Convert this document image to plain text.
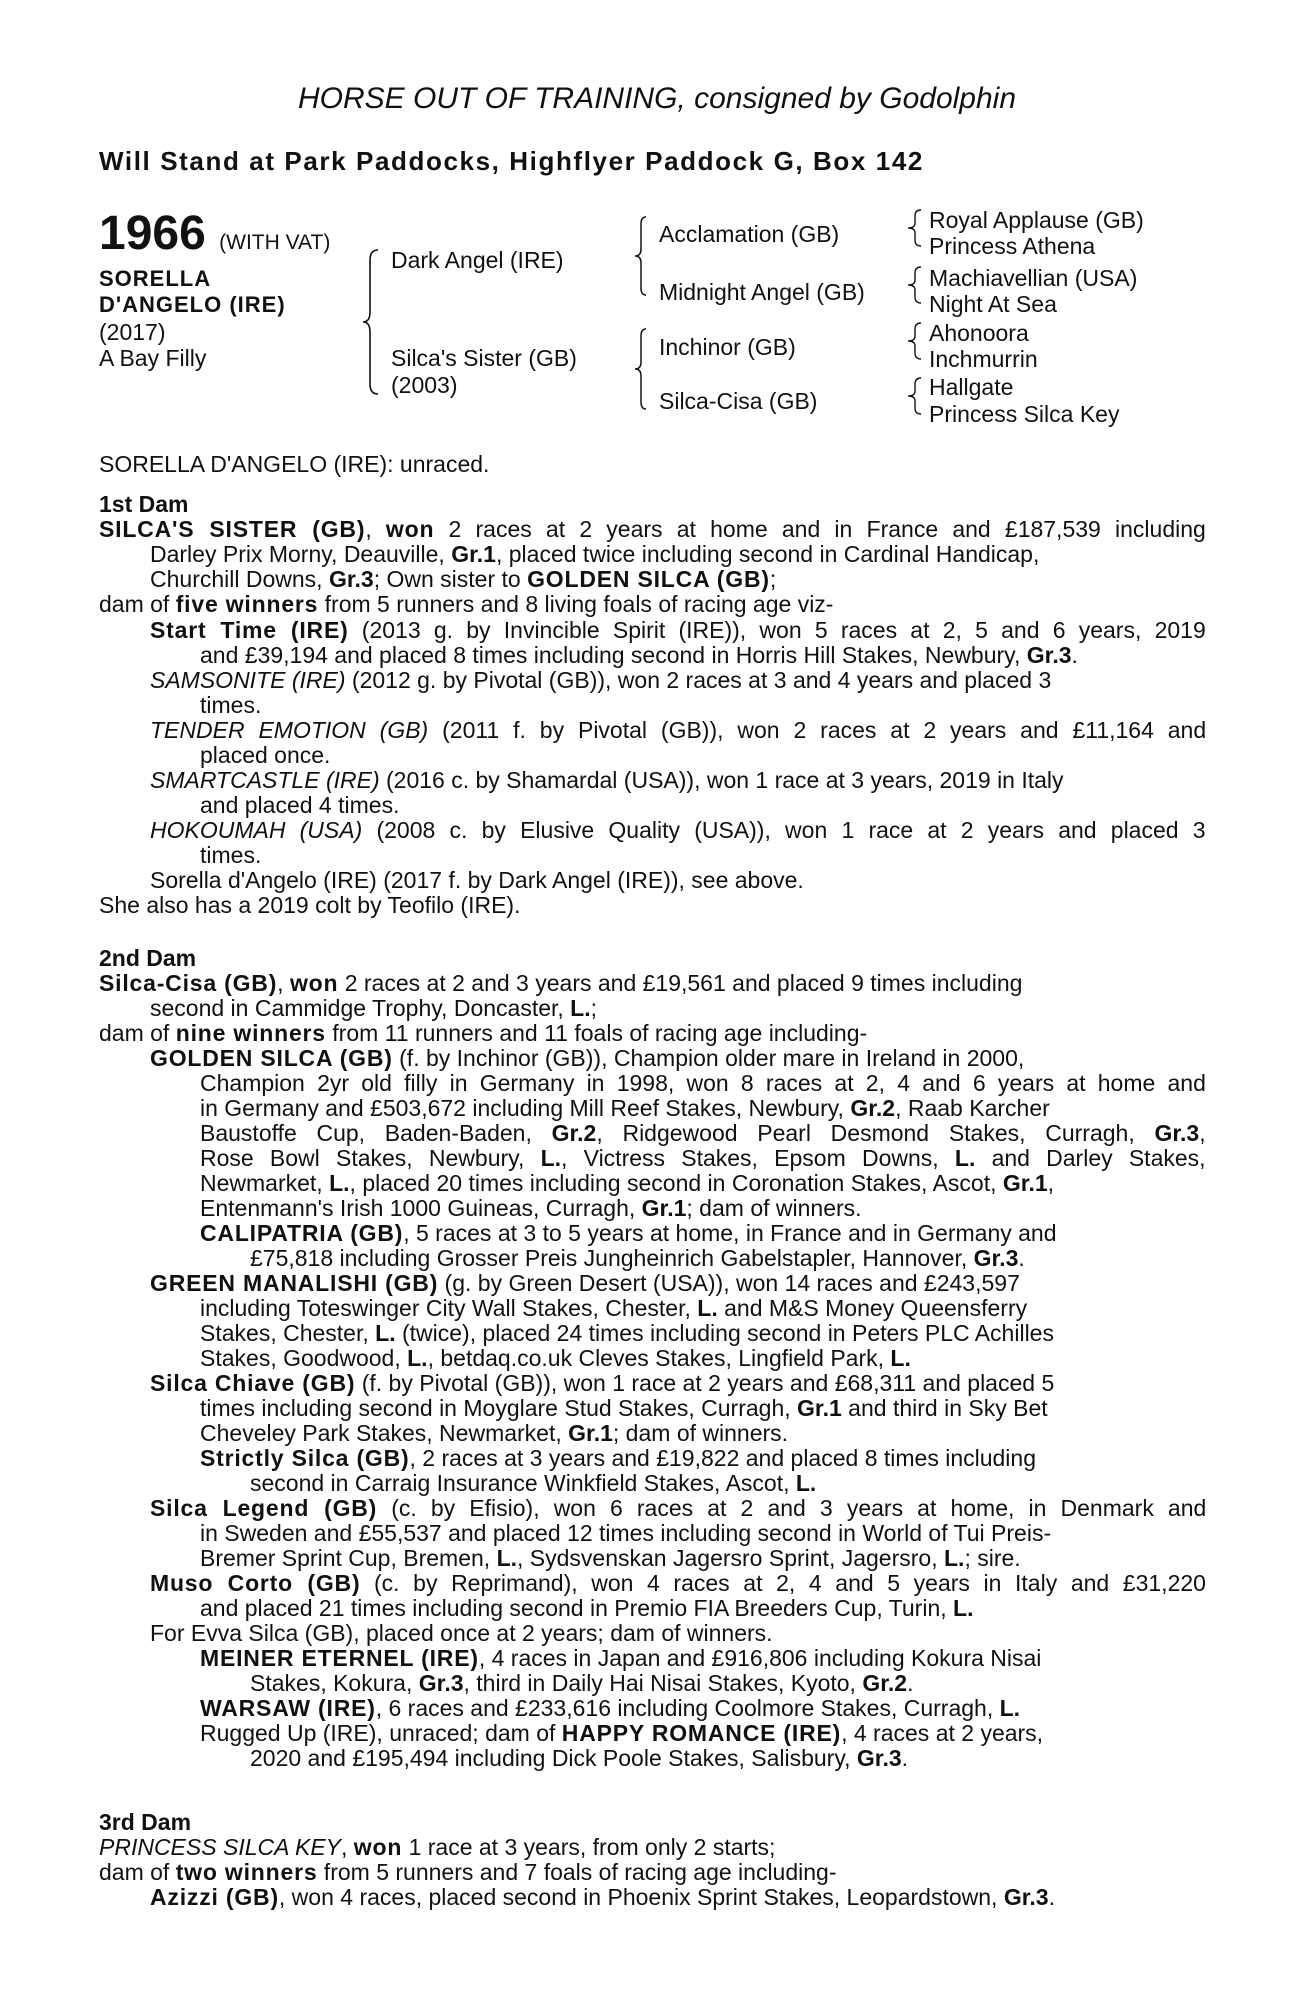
HORSE OUT OF TRAINING, consigned by Godolphin
Will Stand at Park Paddocks, Highflyer Paddock G, Box 142
1966 (WITH VAT)
SORELLA
D'ANGELO (IRE)
(2017)
A Bay Filly
Dark Angel (IRE)
Silca's Sister (GB)
(2003)
Acclamation (GB)
Midnight Angel (GB)
Inchinor (GB)
Silca-Cisa (GB)
Royal Applause (GB)
Princess Athena
Machiavellian (USA)
Night At Sea
Ahonoora
Inchmurrin
Hallgate
Princess Silca Key
SORELLA D'ANGELO (IRE): unraced.
1st Dam
SILCA'S SISTER (GB), won 2 races at 2 years at home and in France and £187,539 including
Darley Prix Morny, Deauville, Gr.1, placed twice including second in Cardinal Handicap,
Churchill Downs, Gr.3; Own sister to GOLDEN SILCA (GB);
dam of five winners from 5 runners and 8 living foals of racing age viz-
Start Time (IRE) (2013 g. by Invincible Spirit (IRE)), won 5 races at 2, 5 and 6 years, 2019
and £39,194 and placed 8 times including second in Horris Hill Stakes, Newbury, Gr.3.
SAMSONITE (IRE) (2012 g. by Pivotal (GB)), won 2 races at 3 and 4 years and placed 3
times.
TENDER EMOTION (GB) (2011 f. by Pivotal (GB)), won 2 races at 2 years and £11,164 and
placed once.
SMARTCASTLE (IRE) (2016 c. by Shamardal (USA)), won 1 race at 3 years, 2019 in Italy
and placed 4 times.
HOKOUMAH (USA) (2008 c. by Elusive Quality (USA)), won 1 race at 2 years and placed 3
times.
Sorella d'Angelo (IRE) (2017 f. by Dark Angel (IRE)), see above.
She also has a 2019 colt by Teofilo (IRE).
2nd Dam
Silca-Cisa (GB), won 2 races at 2 and 3 years and £19,561 and placed 9 times including
second in Cammidge Trophy, Doncaster, L.;
dam of nine winners from 11 runners and 11 foals of racing age including-
GOLDEN SILCA (GB) (f. by Inchinor (GB)), Champion older mare in Ireland in 2000,
Champion 2yr old filly in Germany in 1998, won 8 races at 2, 4 and 6 years at home and
in Germany and £503,672 including Mill Reef Stakes, Newbury, Gr.2, Raab Karcher
Baustoffe Cup, Baden-Baden, Gr.2, Ridgewood Pearl Desmond Stakes, Curragh, Gr.3,
Rose Bowl Stakes, Newbury, L., Victress Stakes, Epsom Downs, L. and Darley Stakes,
Newmarket, L., placed 20 times including second in Coronation Stakes, Ascot, Gr.1,
Entenmann's Irish 1000 Guineas, Curragh, Gr.1; dam of winners.
CALIPATRIA (GB), 5 races at 3 to 5 years at home, in France and in Germany and
£75,818 including Grosser Preis Jungheinrich Gabelstapler, Hannover, Gr.3.
GREEN MANALISHI (GB) (g. by Green Desert (USA)), won 14 races and £243,597
including Toteswinger City Wall Stakes, Chester, L. and M&S Money Queensferry
Stakes, Chester, L. (twice), placed 24 times including second in Peters PLC Achilles
Stakes, Goodwood, L., betdaq.co.uk Cleves Stakes, Lingfield Park, L.
Silca Chiave (GB) (f. by Pivotal (GB)), won 1 race at 2 years and £68,311 and placed 5
times including second in Moyglare Stud Stakes, Curragh, Gr.1 and third in Sky Bet
Cheveley Park Stakes, Newmarket, Gr.1; dam of winners.
Strictly Silca (GB), 2 races at 3 years and £19,822 and placed 8 times including
second in Carraig Insurance Winkfield Stakes, Ascot, L.
Silca Legend (GB) (c. by Efisio), won 6 races at 2 and 3 years at home, in Denmark and
in Sweden and £55,537 and placed 12 times including second in World of Tui Preis-
Bremer Sprint Cup, Bremen, L., Sydsvenskan Jagersro Sprint, Jagersro, L.; sire.
Muso Corto (GB) (c. by Reprimand), won 4 races at 2, 4 and 5 years in Italy and £31,220
and placed 21 times including second in Premio FIA Breeders Cup, Turin, L.
For Evva Silca (GB), placed once at 2 years; dam of winners.
MEINER ETERNEL (IRE), 4 races in Japan and £916,806 including Kokura Nisai
Stakes, Kokura, Gr.3, third in Daily Hai Nisai Stakes, Kyoto, Gr.2.
WARSAW (IRE), 6 races and £233,616 including Coolmore Stakes, Curragh, L.
Rugged Up (IRE), unraced; dam of HAPPY ROMANCE (IRE), 4 races at 2 years,
2020 and £195,494 including Dick Poole Stakes, Salisbury, Gr.3.
3rd Dam
PRINCESS SILCA KEY, won 1 race at 3 years, from only 2 starts;
dam of two winners from 5 runners and 7 foals of racing age including-
Azizzi (GB), won 4 races, placed second in Phoenix Sprint Stakes, Leopardstown, Gr.3.
